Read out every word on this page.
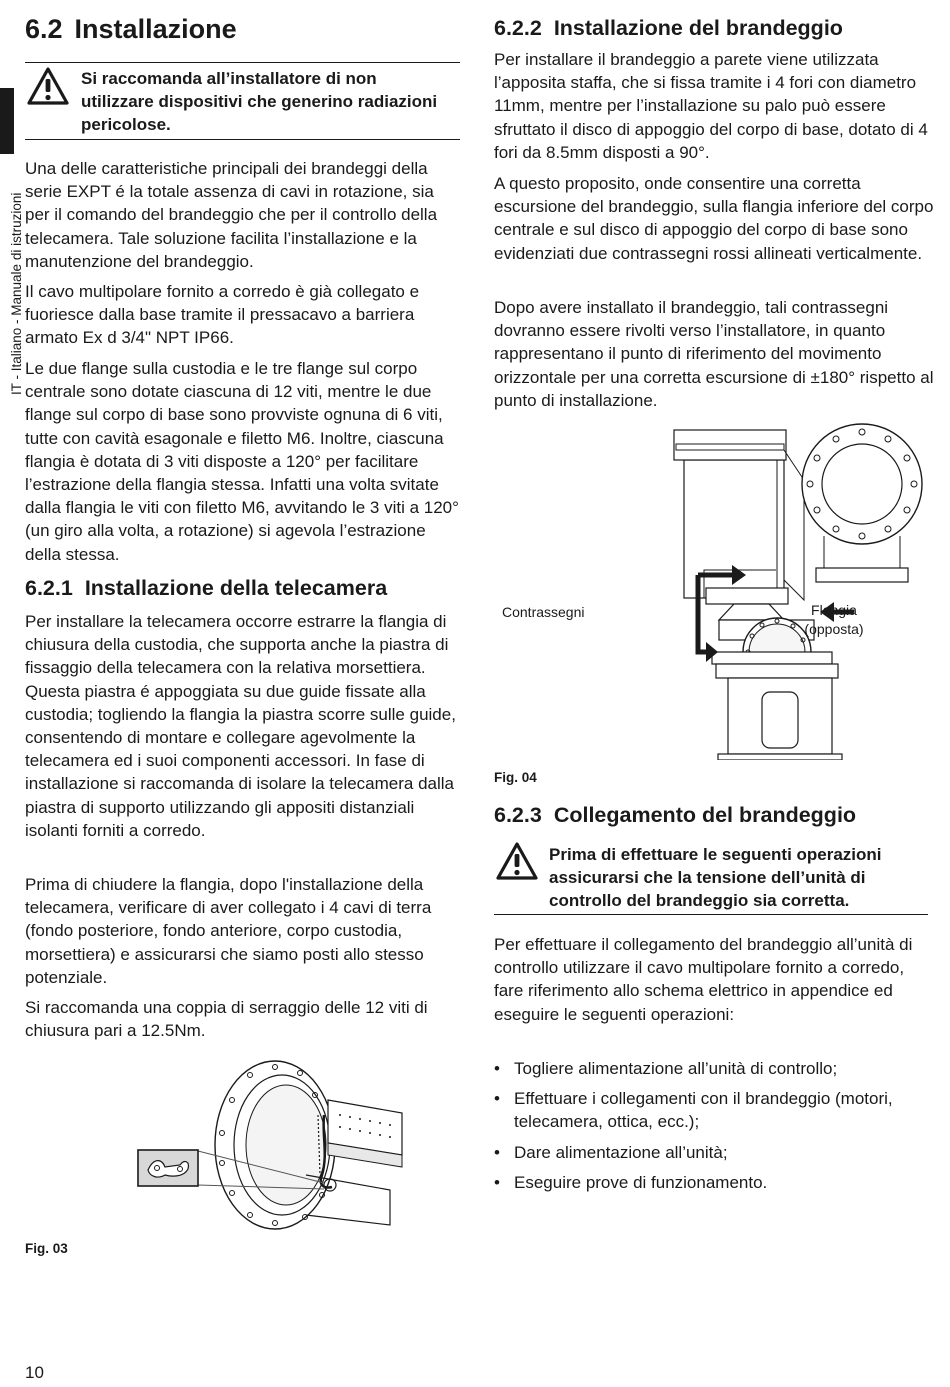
IT - Italiano - Manuale di istruzioni
6.2 Installazione
Si raccomanda all’installatore di non utilizzare dispositivi che generino radiazioni pericolose.

Una delle caratteristiche principali dei brandeggi della serie EXPT é la totale assenza di cavi in rotazione, sia per il comando del brandeggio che per il controllo della telecamera. Tale soluzione facilita l’installazione e la manutenzione del brandeggio.

Il cavo multipolare fornito a corredo è già collegato e fuoriesce dalla base tramite il pressacavo a barriera armato Ex d 3/4" NPT IP66.

Le due flange sulla custodia e le tre flange sul corpo centrale sono dotate ciascuna di 12 viti, mentre le due flange sul corpo di base sono provviste ognuna di 6 viti, tutte con cavità esagonale e filetto M6. Inoltre, ciascuna flangia è dotata di 3 viti disposte a 120° per facilitare l’estrazione della flangia stessa. Infatti una volta svitate dalla flangia le viti con filetto M6, avvitando le 3 viti a 120° (un giro alla volta, a rotazione) si agevola l’estrazione della stessa.

6.2.1 Installazione della telecamera

Per installare la telecamera occorre estrarre la flangia di chiusura della custodia, che supporta anche la piastra di fissaggio della telecamera con la relativa morsettiera. Questa piastra é appoggiata su due guide fissate alla custodia; togliendo la flangia la piastra scorre sulle guide, consentendo di montare e collegare agevolmente la telecamera ed i suoi componenti accessori. In fase di installazione si raccomanda di isolare la telecamera dalla piastra di supporto utilizzando gli appositi distanziali isolanti forniti a corredo.

Prima di chiudere la flangia, dopo l'installazione della telecamera, verificare di aver collegato i 4 cavi di terra (fondo posteriore, fondo anteriore, corpo custodia, morsettiera) e assicurarsi che siamo posti allo stesso potenziale.

Si raccomanda una coppia di serraggio delle 12 viti di chiusura pari a 12.5Nm.

Fig. 03
6.2.2 Installazione del brandeggio

Per installare il brandeggio a parete viene utilizzata l’apposita staffa, che si fissa tramite i 4 fori con diametro 11mm, mentre per l’installazione su palo può essere sfruttato il disco di appoggio del corpo di base, dotato di 4 fori da 8.5mm disposti a 90°.

A questo proposito, onde consentire una corretta escursione del brandeggio, sulla flangia inferiore del corpo centrale e sul disco di appoggio del corpo di base sono evidenziati due contrassegni rossi allineati verticalmente.

Dopo avere installato il brandeggio, tali contrassegni dovranno essere rivolti verso l’installatore, in quanto rappresentano il punto di riferimento del movimento orizzontale per una corretta escursione di ±180° rispetto al punto di installazione.

Contrassegni	Flangia (opposta)
Fig. 04
6.2.3 Collegamento del brandeggio
Prima di effettuare le seguenti operazioni assicurarsi che la tensione dell’unità di controllo del brandeggio sia corretta.

Per effettuare il collegamento del brandeggio all’unità di controllo utilizzare il cavo multipolare fornito a corredo, fare riferimento allo schema elettrico in appendice ed eseguire le seguenti operazioni:

• Togliere alimentazione all’unità di controllo;
• Effettuare i collegamenti con il brandeggio (motori, telecamera, ottica, ecc.);
• Dare alimentazione all’unità;
• Eseguire prove di funzionamento.
10
